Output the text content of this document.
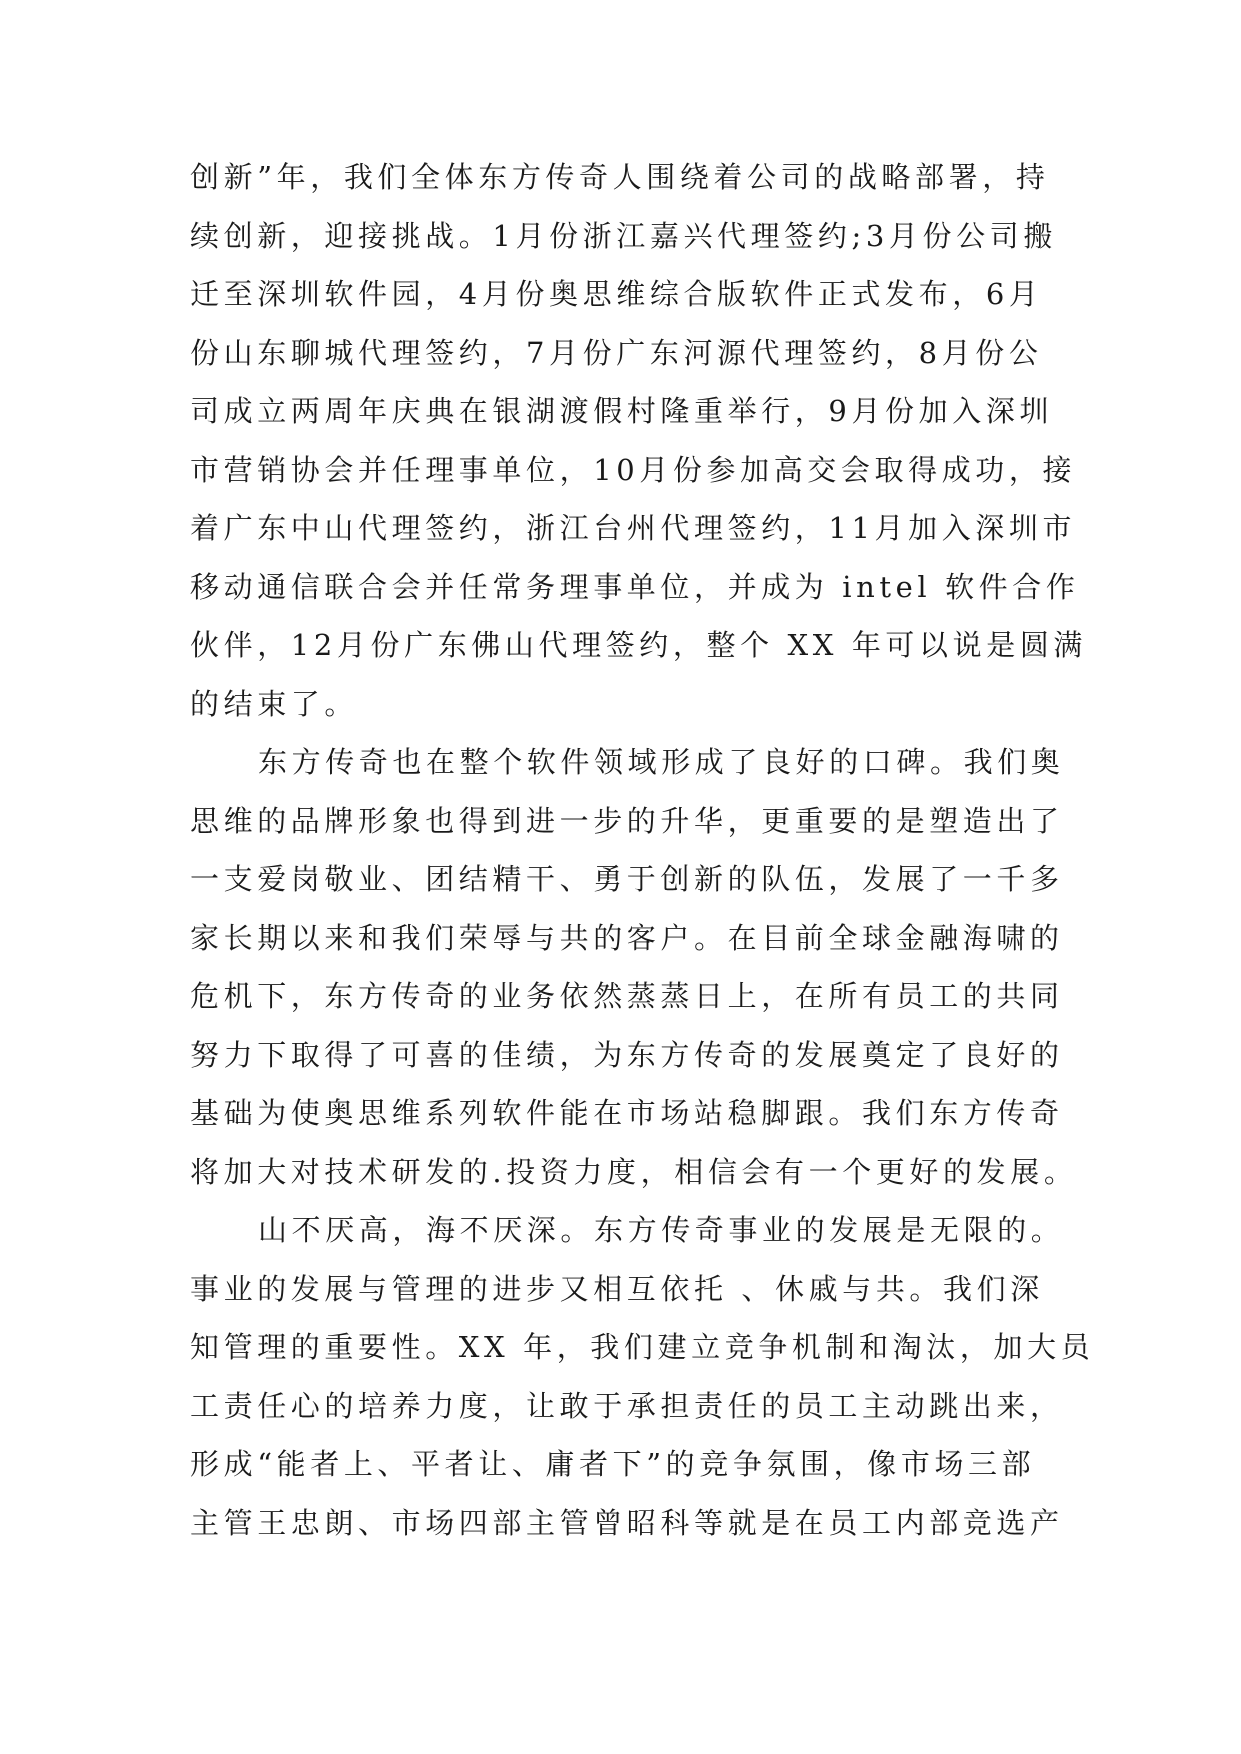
创新”年，我们全体东方传奇人围绕着公司的战略部署，持
续创新，迎接挑战。1月份浙江嘉兴代理签约;3月份公司搬
迁至深圳软件园，4月份奥思维综合版软件正式发布，6月
份山东聊城代理签约，7月份广东河源代理签约，8月份公
司成立两周年庆典在银湖渡假村隆重举行，9月份加入深圳
市营销协会并任理事单位，10月份参加高交会取得成功，接
着广东中山代理签约，浙江台州代理签约，11月加入深圳市
移动通信联合会并任常务理事单位，并成为 intel 软件合作
伙伴，12月份广东佛山代理签约，整个 XX 年可以说是圆满
的结束了。
东方传奇也在整个软件领域形成了良好的口碑。我们奥
思维的品牌形象也得到进一步的升华，更重要的是塑造出了
一支爱岗敬业、团结精干、勇于创新的队伍，发展了一千多
家长期以来和我们荣辱与共的客户。在目前全球金融海啸的
危机下，东方传奇的业务依然蒸蒸日上，在所有员工的共同
努力下取得了可喜的佳绩，为东方传奇的发展奠定了良好的
基础为使奥思维系列软件能在市场站稳脚跟。我们东方传奇
将加大对技术研发的.投资力度，相信会有一个更好的发展。
山不厌高，海不厌深。东方传奇事业的发展是无限的。
事业的发展与管理的进步又相互依托 、休戚与共。我们深
知管理的重要性。XX 年，我们建立竞争机制和淘汰，加大员
工责任心的培养力度，让敢于承担责任的员工主动跳出来，
形成“能者上、平者让、庸者下”的竞争氛围，像市场三部
主管王忠朗、市场四部主管曾昭科等就是在员工内部竞选产
